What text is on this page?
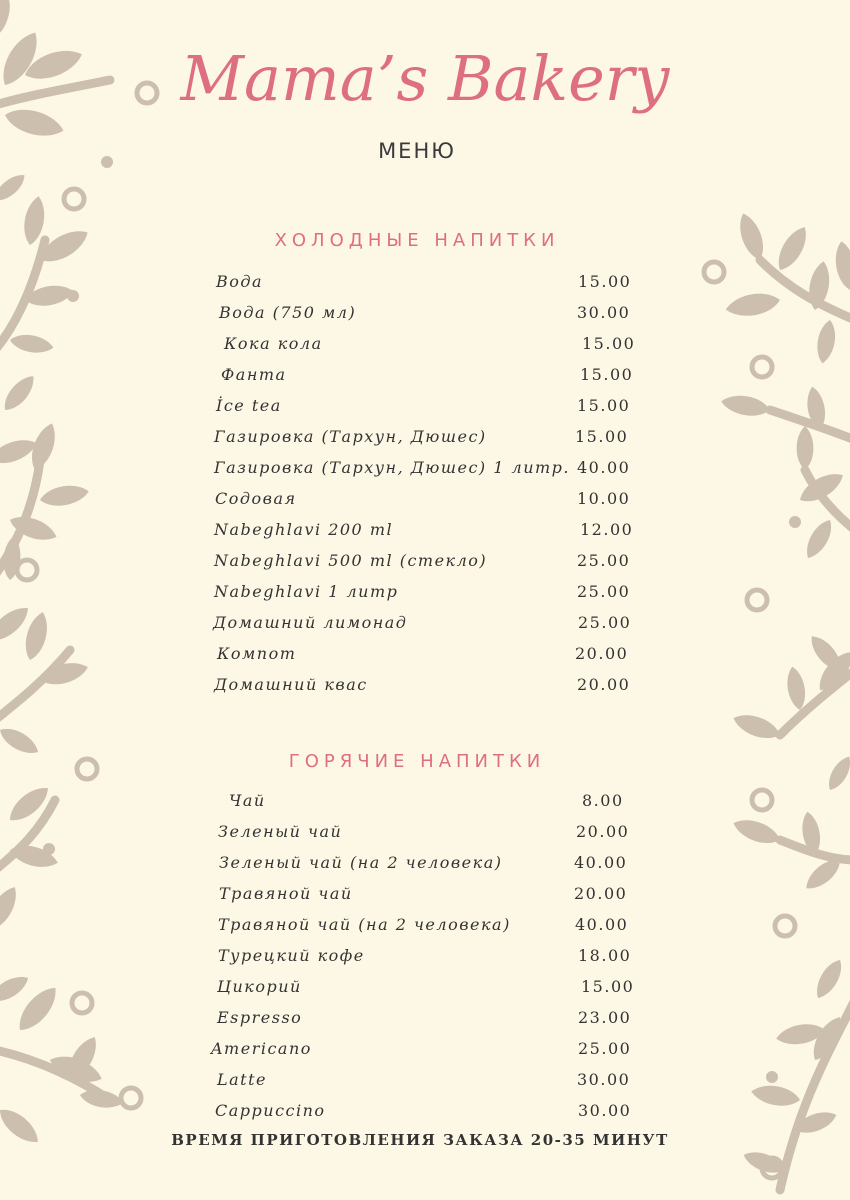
Mama’s Bakery
МЕНЮ
ХОЛОДНЫЕ НАПИТКИ
Вода	15.00
Вода (750 мл)	30.00
Кока кола	15.00
Фанта	15.00
İce tea	15.00
Газировка (Тархун, Дюшес)	15.00
Газировка (Тархун, Дюшес) 1 литр. 40.00
Содовая	10.00
Nabeghlavi 200 ml	12.00
Nabeghlavi 500 ml (стекло)	25.00
Nabeghlavi 1 литр	25.00
Домашний лимонад	25.00
Компот	20.00
Домашний квас	20.00
ГОРЯЧИЕ НАПИТКИ
Чай	8.00
Зеленый чай	20.00
Зеленый чай (на 2 человека)	40.00
Травяной чай	20.00
Травяной чай (на 2 человека)	40.00
Турецкий кофе	18.00
Цикорий	15.00
Espresso	23.00
Americano	25.00
Latte	30.00
Cappuccino	30.00
ВРЕМЯ ПРИГОТОВЛЕНИЯ ЗАКАЗА 20-35 МИНУТ
